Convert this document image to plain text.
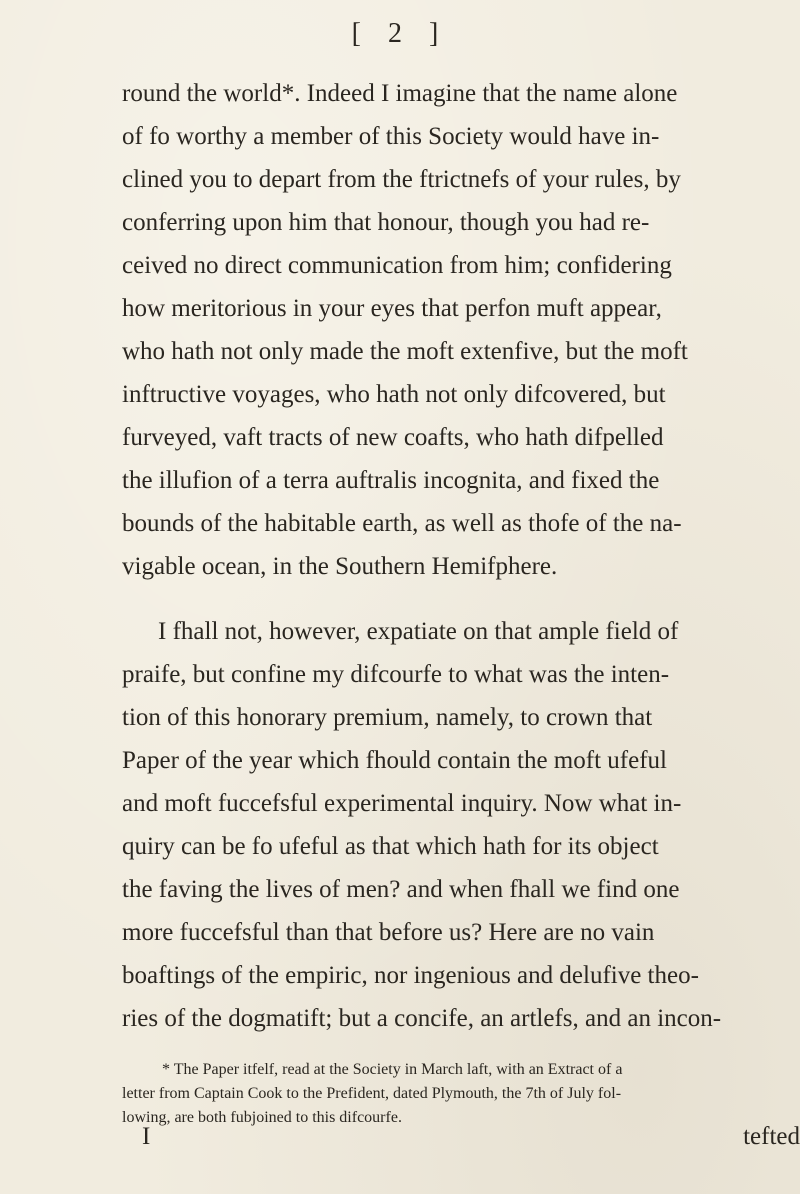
[ 2 ]
round the world*. Indeed I imagine that the name alone
of fo worthy a member of this Society would have in-
clined you to depart from the ftrictnefs of your rules, by
conferring upon him that honour, though you had re-
ceived no direct communication from him; confidering
how meritorious in your eyes that perfon muft appear,
who hath not only made the moft extenfive, but the moft
inftructive voyages, who hath not only difcovered, but
furveyed, vaft tracts of new coafts, who hath difpelled
the illufion of a terra auftralis incognita, and fixed the
bounds of the habitable earth, as well as thofe of the na-
vigable ocean, in the Southern Hemifphere.
I fhall not, however, expatiate on that ample field of
praife, but confine my difcourfe to what was the inten-
tion of this honorary premium, namely, to crown that
Paper of the year which fhould contain the moft ufeful
and moft fuccefsful experimental inquiry. Now what in-
quiry can be fo ufeful as that which hath for its object
the faving the lives of men? and when fhall we find one
more fuccefsful than that before us? Here are no vain
boaftings of the empiric, nor ingenious and delufive theo-
ries of the dogmatift; but a concife, an artlefs, and an incon-
* The Paper itfelf, read at the Society in March laft, with an Extract of a
letter from Captain Cook to the Prefident, dated Plymouth, the 7th of July fol-
lowing, are both fubjoined to this difcourfe.
I	tefted
